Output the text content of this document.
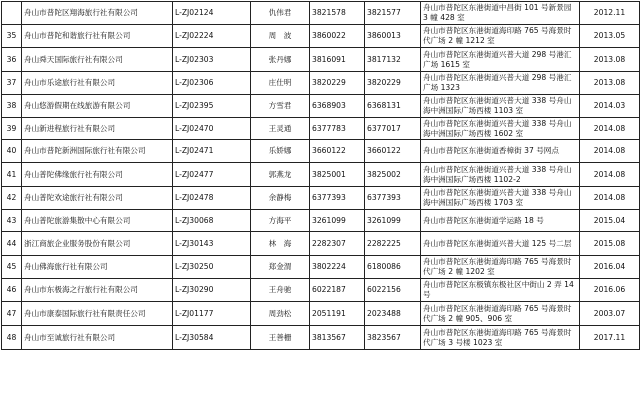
	舟山市普陀区翔海旅行社有限公司	L-ZJ02124	仇伟君	3821578	3821577	舟山市普陀区东港街道中昌街 101 号新景园 3 幢 428 室	2012.11
35	舟山市普陀和谐旅行社有限公司	L-ZJ02224	周　波	3860022	3860013	舟山市普陀区东港街道海印路 765 号海景时代广场 2 幢 1212 室	2013.05
36	舟山舜天国际旅行社有限公司	L-ZJ02303	张丹娜	3816091	3817132	舟山市普陀区东港街道兴普大道 298 号港汇广场 1615 室	2013.08
37	舟山市乐途旅行社有限公司	L-ZJ02306	庄仕明	3820229	3820229	舟山市普陀区东港街道兴普大道 298 号港汇广场 1323	2013.08
38	舟山悠游假期在线旅游有限公司	L-ZJ02395	方雪君	6368903	6368131	舟山市普陀区东港街道兴普大道 338 号舟山海中洲国际广场西楼 1103 室	2014.03
39	舟山新进程旅行社有限公司	L-ZJ02470	王灵通	6377783	6377017	舟山市普陀区东港街道兴普大道 338 号舟山海中洲国际广场西楼 1602 室	2014.08
40	舟山市普陀新洲国际旅行社有限公司	L-ZJ02471	乐娇娜	3660122	3660122	舟山市普陀区东港街道香樟街 37 号网点	2014.08
41	舟山普陀佛缘旅行社有限公司	L-ZJ02477	郭燕龙	3825001	3825002	舟山市普陀区东港街道兴普大道 338 号舟山海中洲国际广场西楼 1102-2	2014.08
42	舟山普陀欢途旅行社有限公司	L-ZJ02478	余静梅	6377393	6377393	舟山市普陀区东港街道兴普大道 338 号舟山海中洲国际广场西楼 1703 室	2014.08
43	舟山普陀旅游集散中心有限公司	L-ZJ30068	方海平	3261099	3261099	舟山市普陀区东港街道学运路 18 号	2015.04
44	浙江商旅企业服务股份有限公司	L-ZJ30143	林　海	2282307	2282225	舟山市普陀区东港街道兴普大道 125 号二层	2015.08
45	舟山佛海旅行社有限公司	L-ZJ30250	郑金渭	3802224	6180086	舟山市普陀区东港街道海印路 765 号海景时代广场 2 幢 1202 室	2016.04
46	舟山市东极海之行旅行社有限公司	L-ZJ30290	王舟驰	6022187	6022156	舟山市普陀区东极镇东极社区中街山 2 弄 14 号	2016.06
47	舟山市康泰国际旅行社有限责任公司	L-ZJ01177	周劲松	2051191	2023488	舟山市普陀区东港街道海印路 765 号海景时代广场 2 幢 905、906 室	2003.07
48	舟山市至诚旅行社有限公司	L-ZJ30584	王善栅	3813567	3823567	舟山市普陀区东港街道海印路 765 号海景时代广场 3 号楼 1023 室	2017.11
